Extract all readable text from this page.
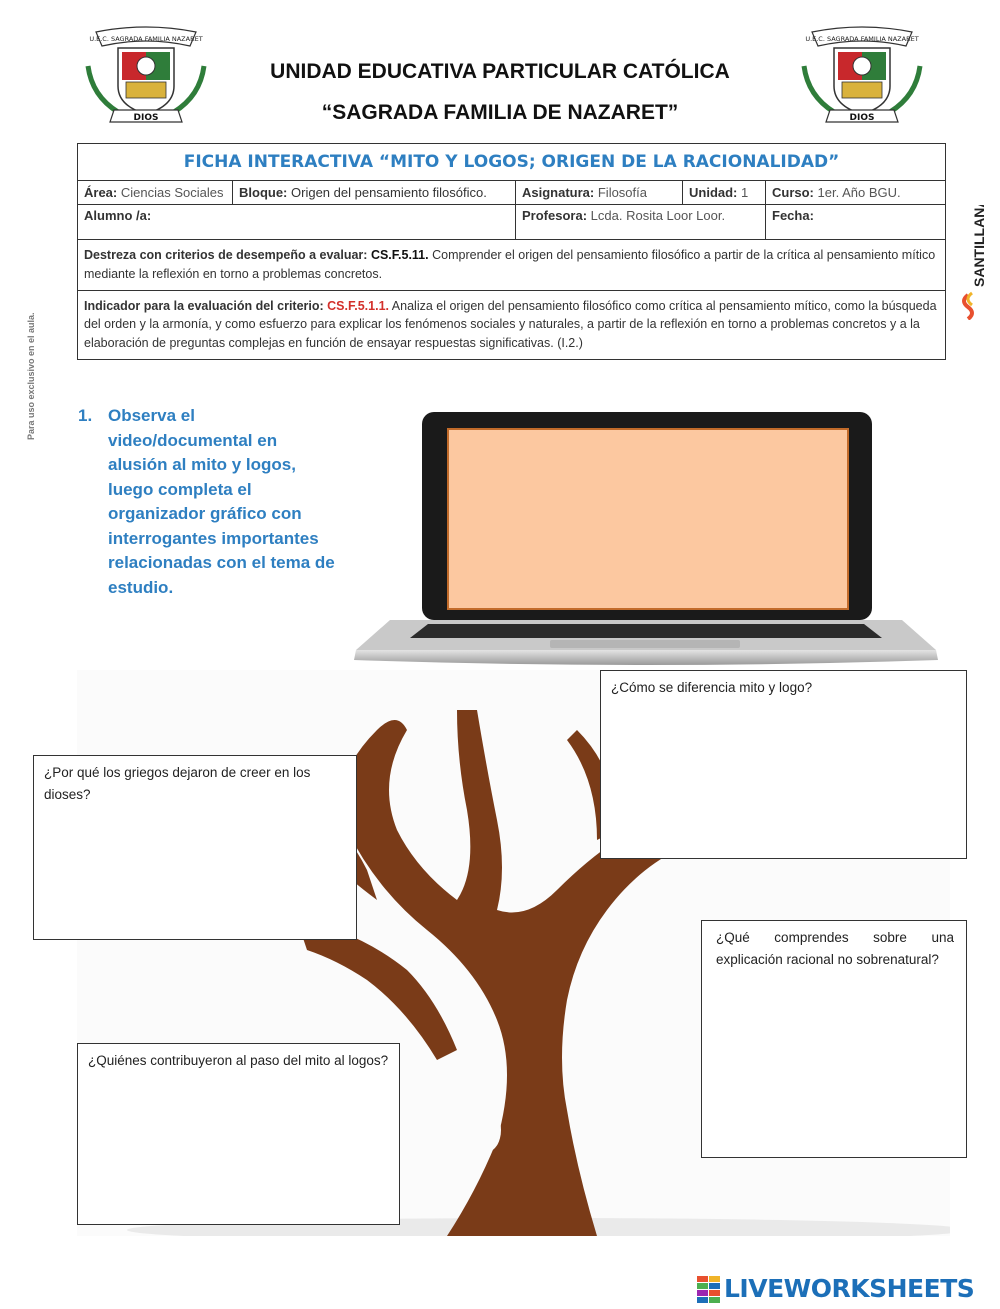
U.E.C. SAGRADA FAMILIA NAZARET
DIOS
U.E.C. SAGRADA FAMILIA NAZARET
DIOS
UNIDAD EDUCATIVA PARTICULAR CATÓLICA
“SAGRADA FAMILIA DE NAZARET”
FICHA INTERACTIVA “MITO Y LOGOS; ORIGEN DE LA RACIONALIDAD”				
Área: Ciencias Sociales	Bloque: Origen del pensamiento filosófico.	Asignatura: Filosofía	Unidad: 1	Curso: 1er. Año BGU.
Alumno /a:		Profesora: Lcda. Rosita Loor Loor.		Fecha:
Destreza con criterios de desempeño a evaluar: CS.F.5.11. Comprender el origen del pensamiento filosófico a partir de la crítica al pensamiento mítico mediante la reflexión en torno a problemas concretos.				
Indicador para la evaluación del criterio: CS.F.5.1.1. Analiza el origen del pensamiento filosófico como crítica al pensamiento mítico, como la búsqueda del orden y la armonía, y como esfuerzo para explicar los fenómenos sociales y naturales, a partir de la reflexión en torno a problemas concretos y a la elaboración de preguntas complejas en función de ensayar respuestas significativas. (I.2.)				
Para uso exclusivo en el aula.
SANTILLANA
1. Observa el video/documental en alusión al mito y logos, luego completa el organizador gráfico con interrogantes importantes relacionadas con el tema de estudio.
¿Por qué los griegos dejaron de creer en los dioses?
¿Cómo se diferencia mito y logo?
¿Qué comprendes sobre una explicación racional no sobrenatural?
¿Quiénes contribuyeron al paso del mito al logos?
LIVEWORKSHEETS
